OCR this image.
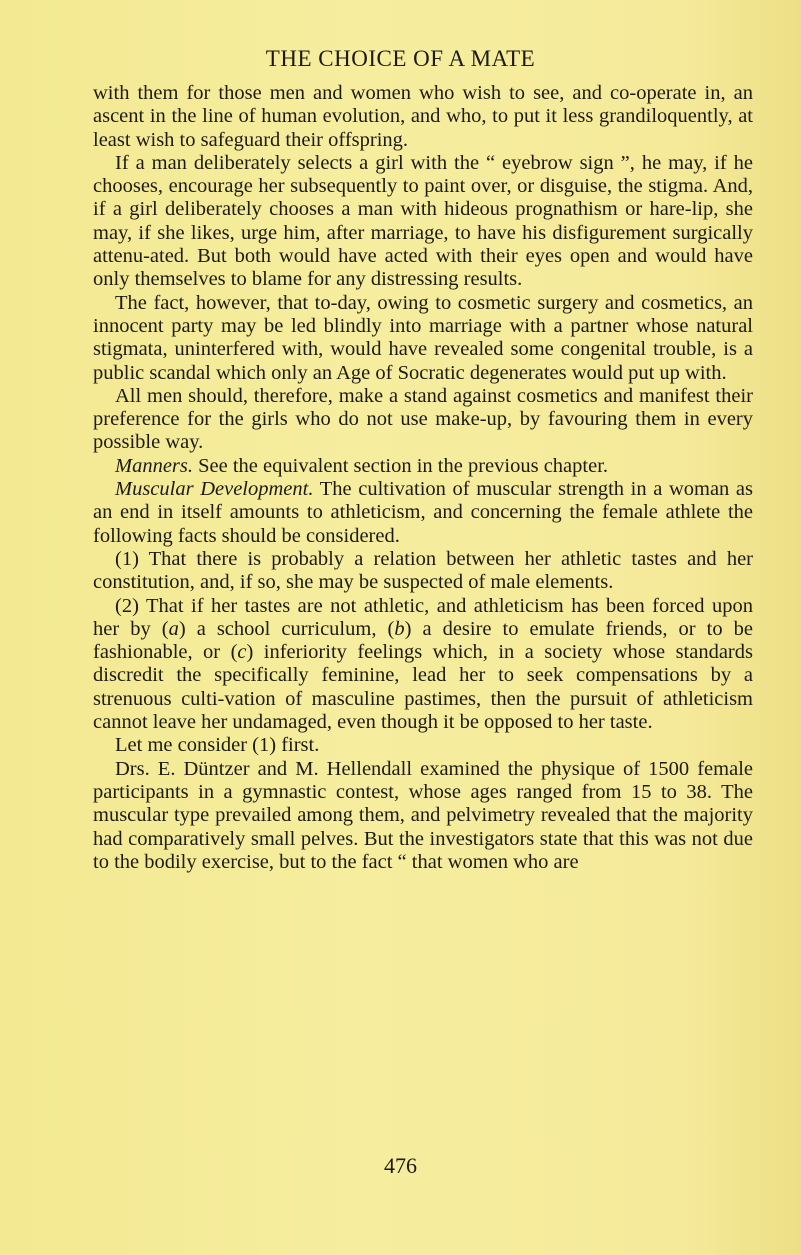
THE CHOICE OF A MATE

with them for those men and women who wish to see, and co-operate in, an ascent in the line of human evolution, and who, to put it less grandiloquently, at least wish to safeguard their offspring.

If a man deliberately selects a girl with the “ eyebrow sign ”, he may, if he chooses, encourage her subsequently to paint over, or disguise, the stigma. And, if a girl deliberately chooses a man with hideous prognathism or hare-lip, she may, if she likes, urge him, after marriage, to have his disfigurement surgically attenu-ated. But both would have acted with their eyes open and would have only themselves to blame for any distressing results.

The fact, however, that to-day, owing to cosmetic surgery and cosmetics, an innocent party may be led blindly into marriage with a partner whose natural stigmata, uninterfered with, would have revealed some congenital trouble, is a public scandal which only an Age of Socratic degenerates would put up with.

All men should, therefore, make a stand against cosmetics and manifest their preference for the girls who do not use make-up, by favouring them in every possible way.

Manners. See the equivalent section in the previous chapter.

Muscular Development. The cultivation of muscular strength in a woman as an end in itself amounts to athleticism, and concerning the female athlete the following facts should be considered.

(1) That there is probably a relation between her athletic tastes and her constitution, and, if so, she may be suspected of male elements.

(2) That if her tastes are not athletic, and athleticism has been forced upon her by (a) a school curriculum, (b) a desire to emulate friends, or to be fashionable, or (c) inferiority feelings which, in a society whose standards discredit the specifically feminine, lead her to seek compensations by a strenuous culti-vation of masculine pastimes, then the pursuit of athleticism cannot leave her undamaged, even though it be opposed to her taste.

Let me consider (1) first.

Drs. E. Düntzer and M. Hellendall examined the physique of 1500 female participants in a gymnastic contest, whose ages ranged from 15 to 38. The muscular type prevailed among them, and pelvimetry revealed that the majority had comparatively small pelves. But the investigators state that this was not due to the bodily exercise, but to the fact “ that women who are

476
